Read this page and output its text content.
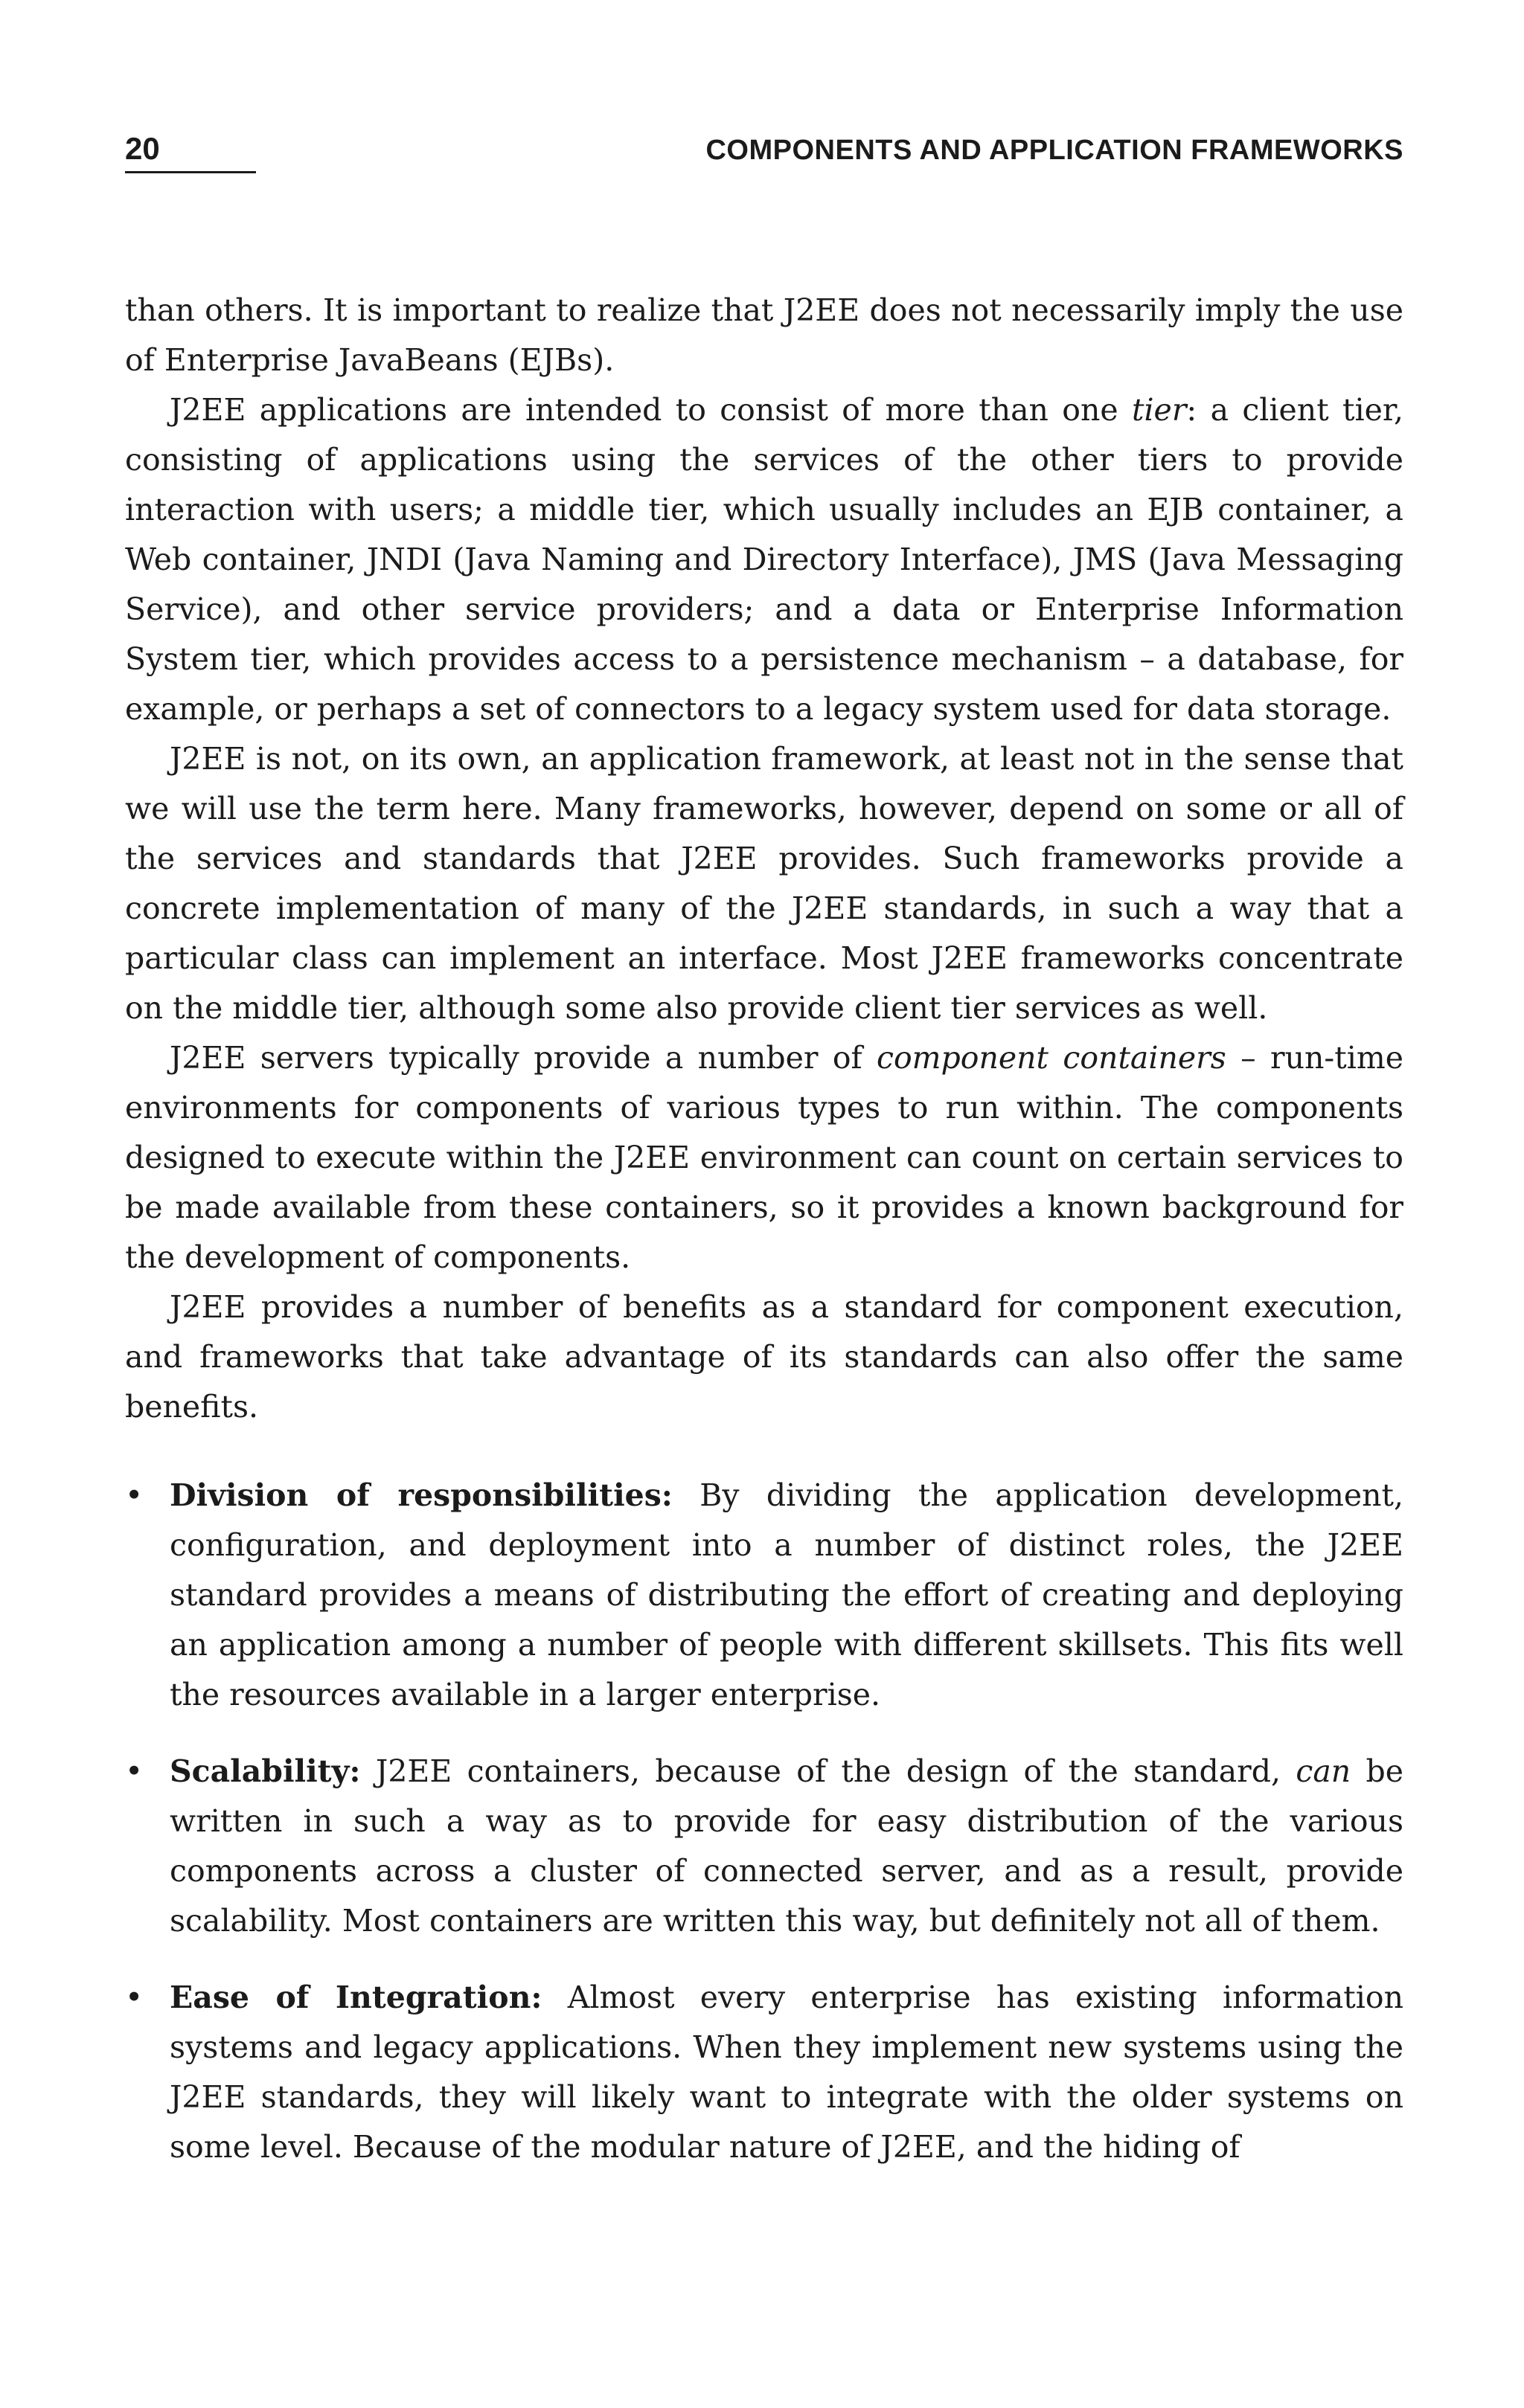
20	COMPONENTS AND APPLICATION FRAMEWORKS

than others. It is important to realize that J2EE does not necessarily imply the use of Enterprise JavaBeans (EJBs).

J2EE applications are intended to consist of more than one tier: a client tier, consisting of applications using the services of the other tiers to provide interaction with users; a middle tier, which usually includes an EJB container, a Web container, JNDI (Java Naming and Directory Interface), JMS (Java Messaging Service), and other service providers; and a data or Enterprise Information System tier, which provides access to a persistence mechanism – a database, for example, or perhaps a set of connectors to a legacy system used for data storage.

J2EE is not, on its own, an application framework, at least not in the sense that we will use the term here. Many frameworks, however, depend on some or all of the services and standards that J2EE provides. Such frameworks provide a concrete implementation of many of the J2EE standards, in such a way that a particular class can implement an interface. Most J2EE frameworks concentrate on the middle tier, although some also provide client tier services as well.

J2EE servers typically provide a number of component containers – run-time environments for components of various types to run within. The components designed to execute within the J2EE environment can count on certain services to be made available from these containers, so it provides a known background for the development of components.

J2EE provides a number of benefits as a standard for component execution, and frameworks that take advantage of its standards can also offer the same benefits.

• Division of responsibilities: By dividing the application development, configuration, and deployment into a number of distinct roles, the J2EE standard provides a means of distributing the effort of creating and deploying an application among a number of people with different skillsets. This fits well the resources available in a larger enterprise.
• Scalability: J2EE containers, because of the design of the standard, can be written in such a way as to provide for easy distribution of the various components across a cluster of connected server, and as a result, provide scalability. Most containers are written this way, but definitely not all of them.
• Ease of Integration: Almost every enterprise has existing information systems and legacy applications. When they implement new systems using the J2EE standards, they will likely want to integrate with the older systems on some level. Because of the modular nature of J2EE, and the hiding of
